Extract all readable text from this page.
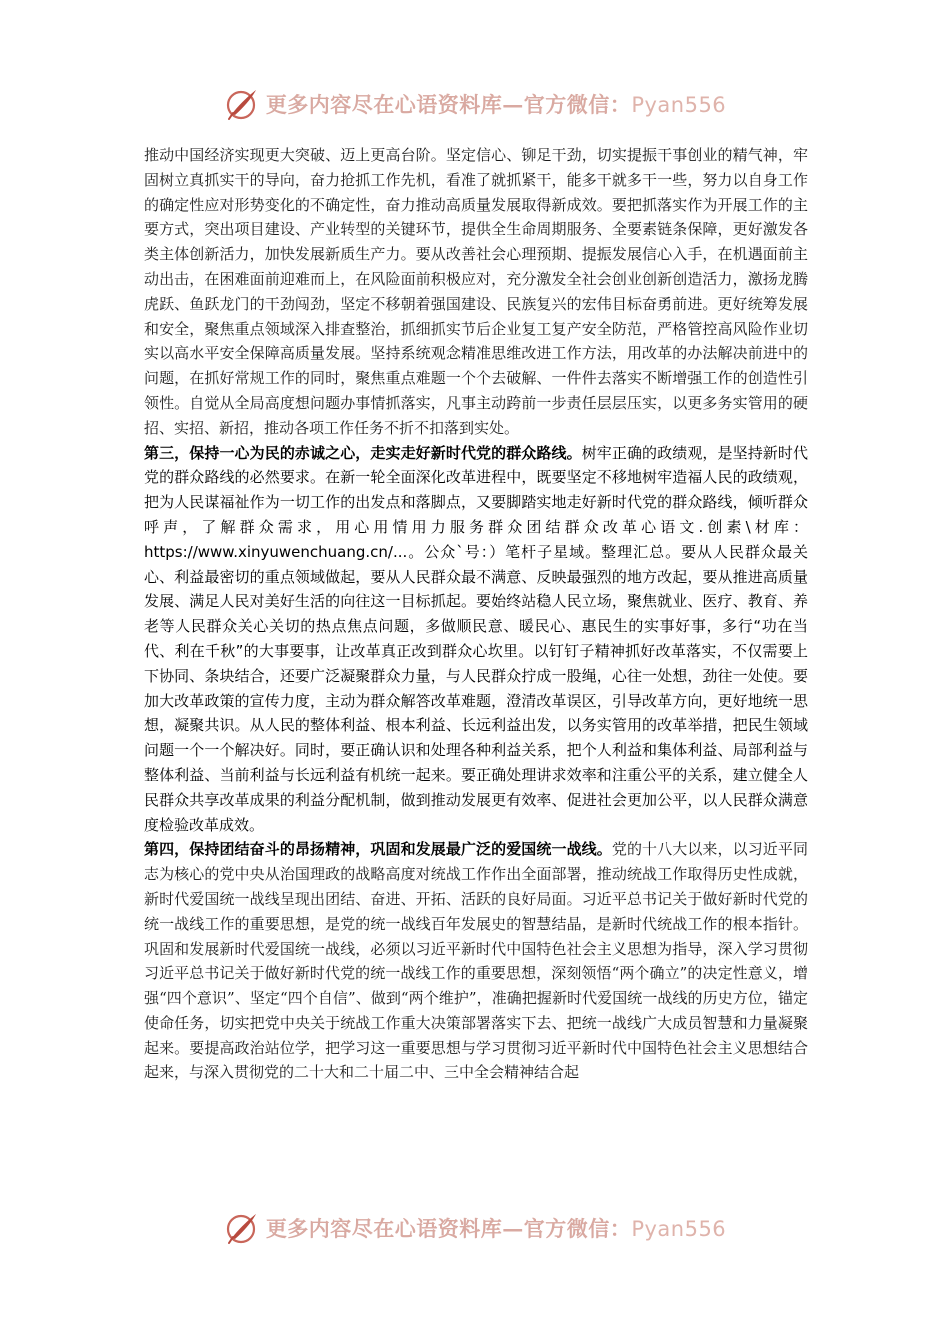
更多内容尽在心语资料库—官方微信：Pyan556

推动中国经济实现更大突破、迈上更高台阶。坚定信心、铆足干劲，切实提振干事创业的精气神，牢固树立真抓实干的导向，奋力抢抓工作先机，看准了就抓紧干，能多干就多干一些，努力以自身工作的确定性应对形势变化的不确定性，奋力推动高质量发展取得新成效。要把抓落实作为开展工作的主要方式，突出项目建设、产业转型的关键环节，提供全生命周期服务、全要素链条保障，更好激发各类主体创新活力，加快发展新质生产力。要从改善社会心理预期、提振发展信心入手，在机遇面前主动出击，在困难面前迎难而上，在风险面前积极应对，充分激发全社会创业创新创造活力，激扬龙腾虎跃、鱼跃龙门的干劲闯劲，坚定不移朝着强国建设、民族复兴的宏伟目标奋勇前进。更好统筹发展和安全，聚焦重点领域深入排查整治，抓细抓实节后企业复工复产安全防范，严格管控高风险作业切实以高水平安全保障高质量发展。坚持系统观念精准思维改进工作方法，用改革的办法解决前进中的问题，在抓好常规工作的同时，聚焦重点难题一个个去破解、一件件去落实不断增强工作的创造性引领性。自觉从全局高度想问题办事情抓落实，凡事主动跨前一步责任层层压实，以更多务实管用的硬招、实招、新招，推动各项工作任务不折不扣落到实处。

第三，保持一心为民的赤诚之心，走实走好新时代党的群众路线。树牢正确的政绩观，是坚持新时代党的群众路线的必然要求。在新一轮全面深化改革进程中，既要坚定不移地树牢造福人民的政绩观，把为人民谋福祉作为一切工作的出发点和落脚点，又要脚踏实地走好新时代党的群众路线，倾听群众呼声，了解群众需求，用心用情用力服务群众团结群众改革心语文.创素\材库：https://www.xinyuwenchuang.cn/...。公众`号：）笔杆子星域。整理汇总。要从人民群众最关心、利益最密切的重点领域做起，要从人民群众最不满意、反映最强烈的地方改起，要从推进高质量发展、满足人民对美好生活的向往这一目标抓起。要始终站稳人民立场，聚焦就业、医疗、教育、养老等人民群众关心关切的热点焦点问题，多做顺民意、暖民心、惠民生的实事好事，多行“功在当代、利在千秋”的大事要事，让改革真正改到群众心坎里。以钉钉子精神抓好改革落实，不仅需要上下协同、条块结合，还要广泛凝聚群众力量，与人民群众拧成一股绳，心往一处想，劲往一处使。要加大改革政策的宣传力度，主动为群众解答改革难题，澄清改革误区，引导改革方向，更好地统一思想，凝聚共识。从人民的整体利益、根本利益、长远利益出发，以务实管用的改革举措，把民生领域问题一个一个解决好。同时，要正确认识和处理各种利益关系，把个人利益和集体利益、局部利益与整体利益、当前利益与长远利益有机统一起来。要正确处理讲求效率和注重公平的关系，建立健全人民群众共享改革成果的利益分配机制，做到推动发展更有效率、促进社会更加公平，以人民群众满意度检验改革成效。

第四，保持团结奋斗的昂扬精神，巩固和发展最广泛的爱国统一战线。党的十八大以来，以习近平同志为核心的党中央从治国理政的战略高度对统战工作作出全面部署，推动统战工作取得历史性成就，新时代爱国统一战线呈现出团结、奋进、开拓、活跃的良好局面。习近平总书记关于做好新时代党的统一战线工作的重要思想，是党的统一战线百年发展史的智慧结晶，是新时代统战工作的根本指针。巩固和发展新时代爱国统一战线，必须以习近平新时代中国特色社会主义思想为指导，深入学习贯彻习近平总书记关于做好新时代党的统一战线工作的重要思想，深刻领悟“两个确立”的决定性意义，增强“四个意识”、坚定“四个自信”、做到“两个维护”，准确把握新时代爱国统一战线的历史方位，锚定使命任务，切实把党中央关于统战工作重大决策部署落实下去、把统一战线广大成员智慧和力量凝聚起来。要提高政治站位学，把学习这一重要思想与学习贯彻习近平新时代中国特色社会主义思想结合起来，与深入贯彻党的二十大和二十届二中、三中全会精神结合起

更多内容尽在心语资料库—官方微信：Pyan556
